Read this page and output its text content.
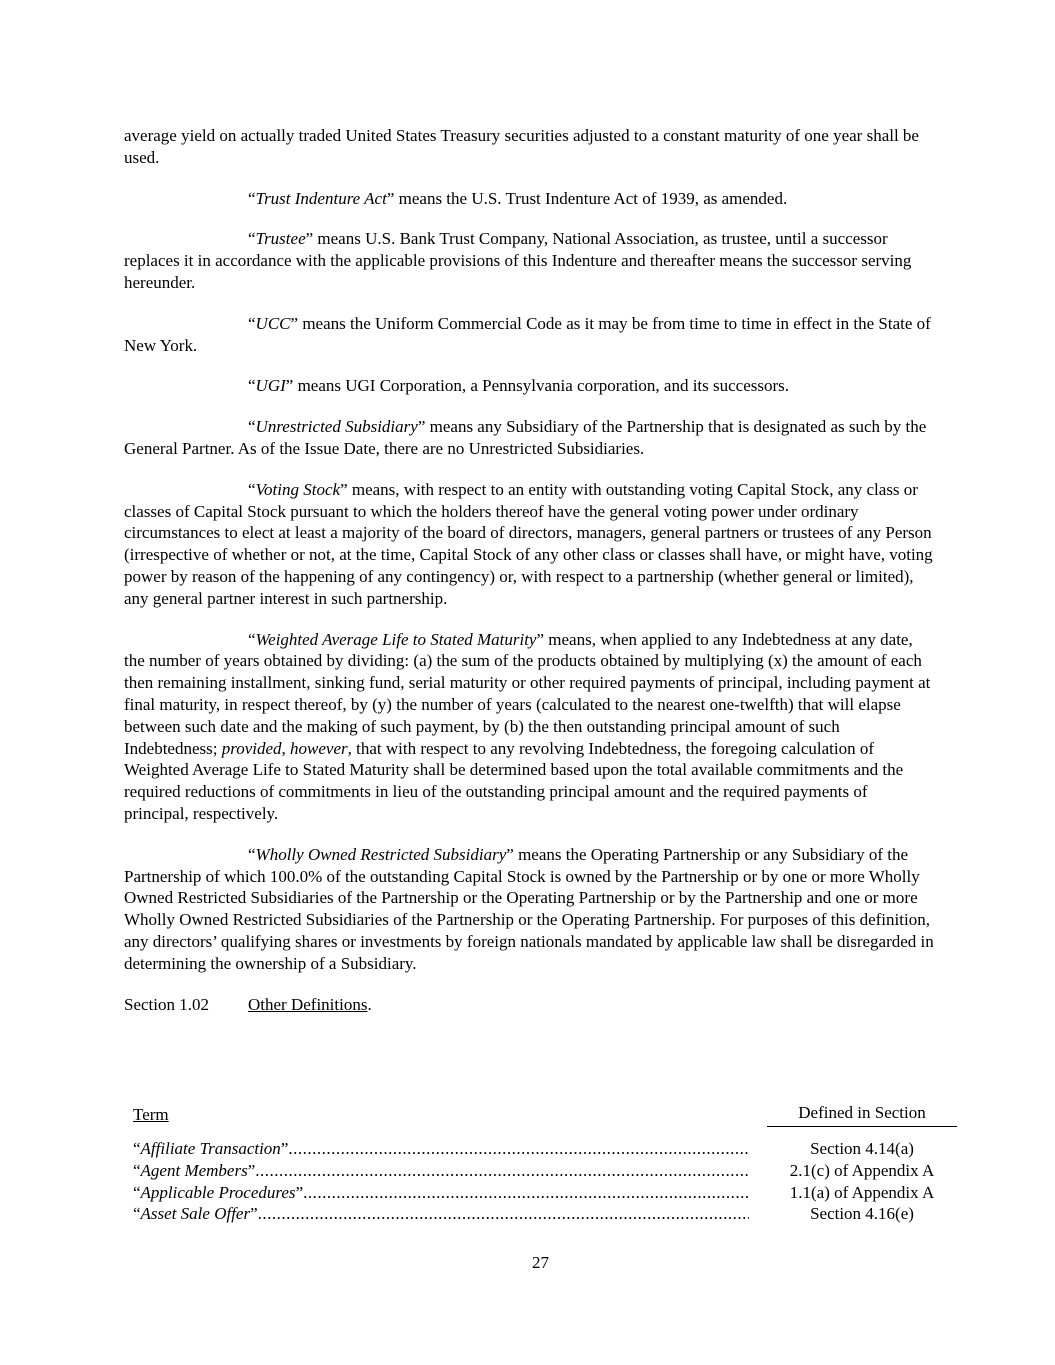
average yield on actually traded United States Treasury securities adjusted to a constant maturity of one year shall be used.

“Trust Indenture Act” means the U.S. Trust Indenture Act of 1939, as amended.

“Trustee” means U.S. Bank Trust Company, National Association, as trustee, until a successor replaces it in accordance with the applicable provisions of this Indenture and thereafter means the successor serving hereunder.

“UCC” means the Uniform Commercial Code as it may be from time to time in effect in the State of New York.

“UGI” means UGI Corporation, a Pennsylvania corporation, and its successors.

“Unrestricted Subsidiary” means any Subsidiary of the Partnership that is designated as such by the General Partner. As of the Issue Date, there are no Unrestricted Subsidiaries.

“Voting Stock” means, with respect to an entity with outstanding voting Capital Stock, any class or classes of Capital Stock pursuant to which the holders thereof have the general voting power under ordinary circumstances to elect at least a majority of the board of directors, managers, general partners or trustees of any Person (irrespective of whether or not, at the time, Capital Stock of any other class or classes shall have, or might have, voting power by reason of the happening of any contingency) or, with respect to a partnership (whether general or limited), any general partner interest in such partnership.

“Weighted Average Life to Stated Maturity” means, when applied to any Indebtedness at any date, the number of years obtained by dividing: (a) the sum of the products obtained by multiplying (x) the amount of each then remaining installment, sinking fund, serial maturity or other required payments of principal, including payment at final maturity, in respect thereof, by (y) the number of years (calculated to the nearest one-twelfth) that will elapse between such date and the making of such payment, by (b) the then outstanding principal amount of such Indebtedness; provided, however, that with respect to any revolving Indebtedness, the foregoing calculation of Weighted Average Life to Stated Maturity shall be determined based upon the total available commitments and the required reductions of commitments in lieu of the outstanding principal amount and the required payments of principal, respectively.

“Wholly Owned Restricted Subsidiary” means the Operating Partnership or any Subsidiary of the Partnership of which 100.0% of the outstanding Capital Stock is owned by the Partnership or by one or more Wholly Owned Restricted Subsidiaries of the Partnership or the Operating Partnership or by the Partnership and one or more Wholly Owned Restricted Subsidiaries of the Partnership or the Operating Partnership. For purposes of this definition, any directors’ qualifying shares or investments by foreign nationals mandated by applicable law shall be disregarded in determining the ownership of a Subsidiary.

Section 1.02 Other Definitions.

Term	Defined in Section
“Affiliate Transaction” .....	Section 4.14(a)
“Agent Members” .....	2.1(c) of Appendix A
“Applicable Procedures” .....	1.1(a) of Appendix A
“Asset Sale Offer” .....	Section 4.16(e)
27
